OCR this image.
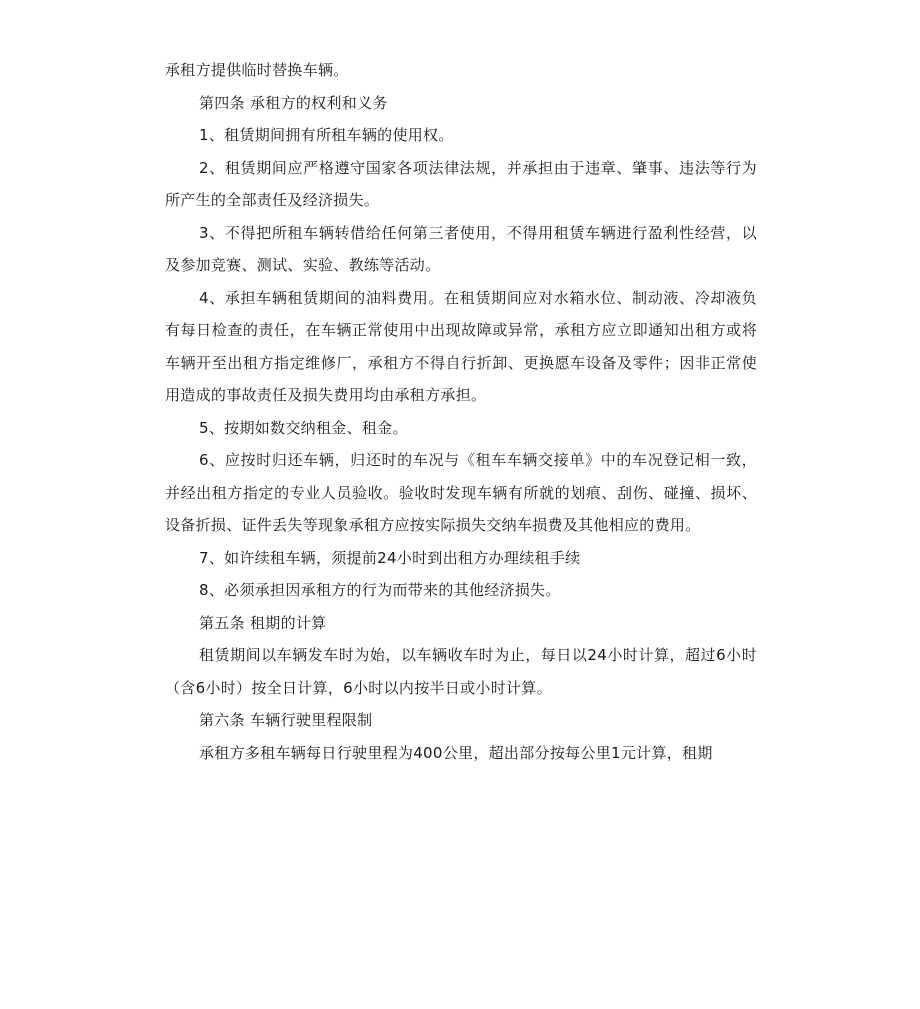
承租方提供临时替换车辆。

第四条 承租方的权利和义务

1、租赁期间拥有所租车辆的使用权。

2、租赁期间应严格遵守国家各项法律法规，并承担由于违章、肇事、违法等行为所产生的全部责任及经济损失。

3、不得把所租车辆转借给任何第三者使用，不得用租赁车辆进行盈利性经营，以及参加竞赛、测试、实验、教练等活动。

4、承担车辆租赁期间的油料费用。在租赁期间应对水箱水位、制动液、冷却液负有每日检查的责任，在车辆正常使用中出现故障或异常，承租方应立即通知出租方或将车辆开至出租方指定维修厂，承租方不得自行折卸、更换愿车设备及零件；因非正常使用造成的事故责任及损失费用均由承租方承担。

5、按期如数交纳租金、租金。

6、应按时归还车辆，归还时的车况与《租车车辆交接单》中的车况登记相一致，并经出租方指定的专业人员验收。验收时发现车辆有所就的划痕、刮伤、碰撞、损坏、设备折损、证件丢失等现象承租方应按实际损失交纳车损费及其他相应的费用。

7、如许续租车辆，须提前24小时到出租方办理续租手续

8、必须承担因承租方的行为而带来的其他经济损失。

第五条 租期的计算

租赁期间以车辆发车时为始，以车辆收车时为止，每日以24小时计算，超过6小时（含6小时）按全日计算，6小时以内按半日或小时计算。

第六条 车辆行驶里程限制

承租方多租车辆每日行驶里程为400公里，超出部分按每公里1元计算，租期
